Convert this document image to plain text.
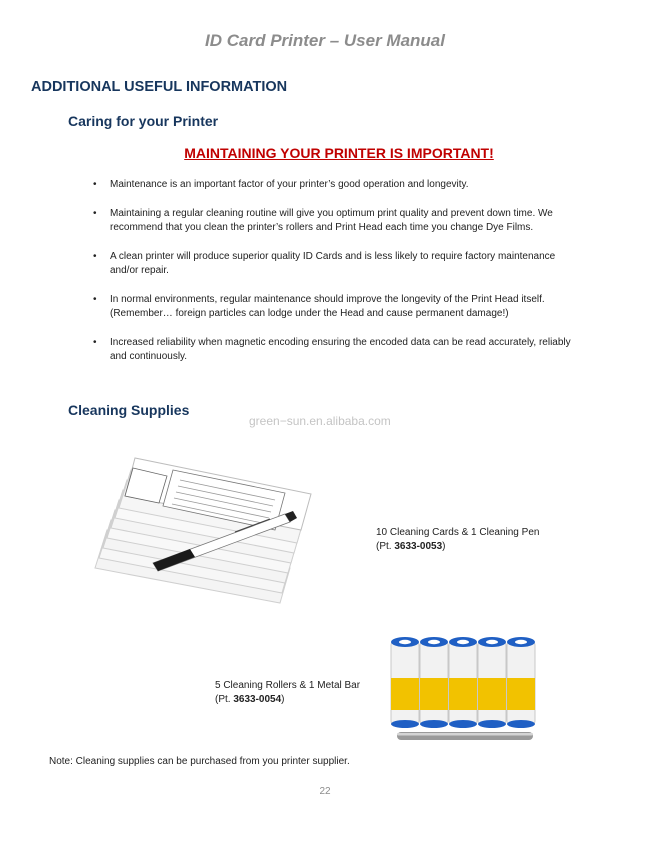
ID Card Printer – User Manual
ADDITIONAL USEFUL INFORMATION
Caring for your Printer
MAINTAINING YOUR PRINTER IS IMPORTANT!
• Maintenance is an important factor of your printer’s good operation and longevity.
• Maintaining a regular cleaning routine will give you optimum print quality and prevent down time. We recommend that you clean the printer’s rollers and Print Head each time you change Dye Films.
• A clean printer will produce superior quality ID Cards and is less likely to require factory maintenance and/or repair.
• In normal environments, regular maintenance should improve the longevity of the Print Head itself. (Remember… foreign particles can lodge under the Head and cause permanent damage!)
• Increased reliability when magnetic encoding ensuring the encoded data can be read accurately, reliably and continuously.
Cleaning Supplies
green−sun.en.alibaba.com
10 Cleaning Cards & 1 Cleaning Pen
(Pt. 3633-0053)
5 Cleaning Rollers & 1 Metal Bar
(Pt. 3633-0054)
Note: Cleaning supplies can be purchased from you printer supplier.
22
